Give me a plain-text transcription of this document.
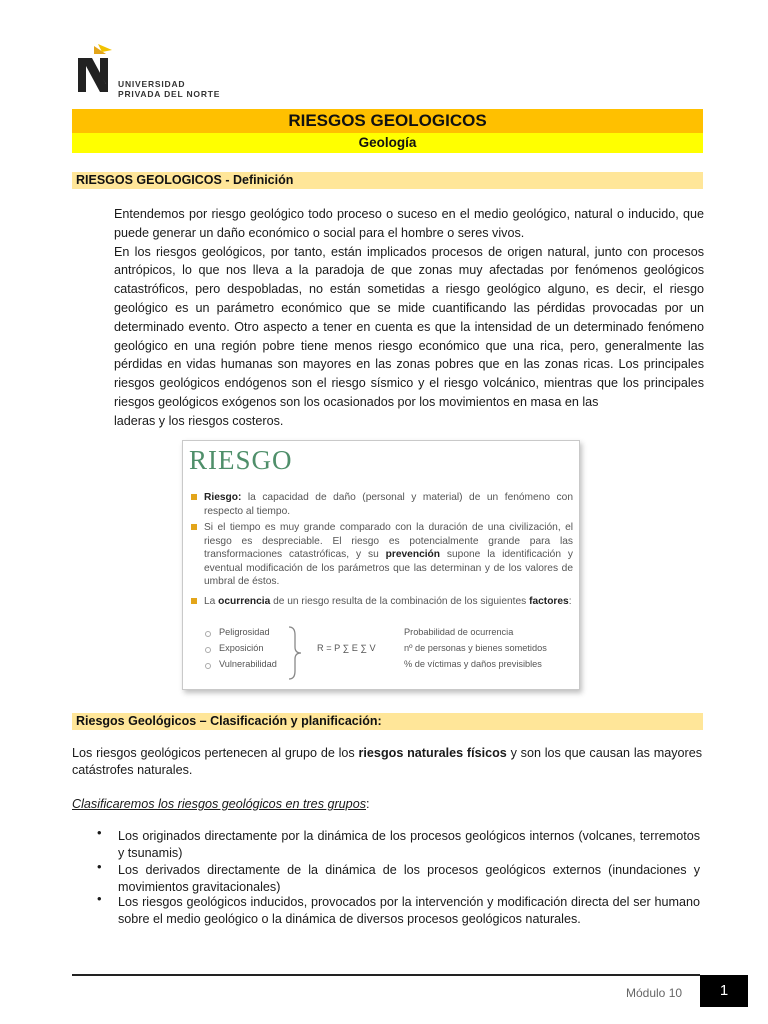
UNIVERSIDAD
PRIVADA DEL NORTE
RIESGOS GEOLOGICOS
Geología
RIESGOS GEOLOGICOS - Definición
Entendemos por riesgo geológico todo proceso o suceso en el medio geológico, natural o inducido, que puede generar un daño económico o social para el hombre o seres vivos.
En los riesgos geológicos, por tanto, están implicados procesos de origen natural, junto con procesos antrópicos, lo que nos lleva a la paradoja de que zonas muy afectadas por fenómenos geológicos catastróficos, pero despobladas, no están sometidas a riesgo geológico alguno, es decir, el riesgo geológico es un parámetro económico que se mide cuantificando las pérdidas provocadas por un determinado evento. Otro aspecto a tener en cuenta es que la intensidad de un determinado fenómeno geológico en una región pobre tiene menos riesgo económico que una rica, pero, generalmente las pérdidas en vidas humanas son mayores en las zonas pobres que en las zonas ricas. Los principales riesgos geológicos endógenos son el riesgo sísmico y el riesgo volcánico, mientras que los principales riesgos geológicos exógenos son los ocasionados por los movimientos en masa en las
laderas y los riesgos costeros.
RIESGO
Riesgo: la capacidad de daño (personal y material) de un fenómeno con respecto al tiempo.
Si el tiempo es muy grande comparado con la duración de una civilización, el riesgo es despreciable. El riesgo es potencialmente grande para las transformaciones catastróficas, y su prevención supone la identificación y eventual modificación de los parámetros que las determinan y de los valores de umbral de éstos.
La ocurrencia de un riesgo resulta de la combinación de los siguientes factores:
Peligrosidad
Exposición
Vulnerabilidad
R = P ∑ E ∑ V
Probabilidad de ocurrencia
nº de personas y bienes sometidos
% de víctimas y daños previsibles
Riesgos Geológicos – Clasificación y planificación:
Los riesgos geológicos pertenecen al grupo de los riesgos naturales físicos y son los que causan las mayores catástrofes naturales.
Clasificaremos los riesgos geológicos en tres grupos:
• Los originados directamente por la dinámica de los procesos geológicos internos (volcanes, terremotos y tsunamis)
• Los derivados directamente de la dinámica de los procesos geológicos externos (inundaciones y movimientos gravitacionales)
• Los riesgos geológicos inducidos, provocados por la intervención y modificación directa del ser humano sobre el medio geológico o la dinámica de diversos procesos geológicos naturales.
Módulo 10	1
